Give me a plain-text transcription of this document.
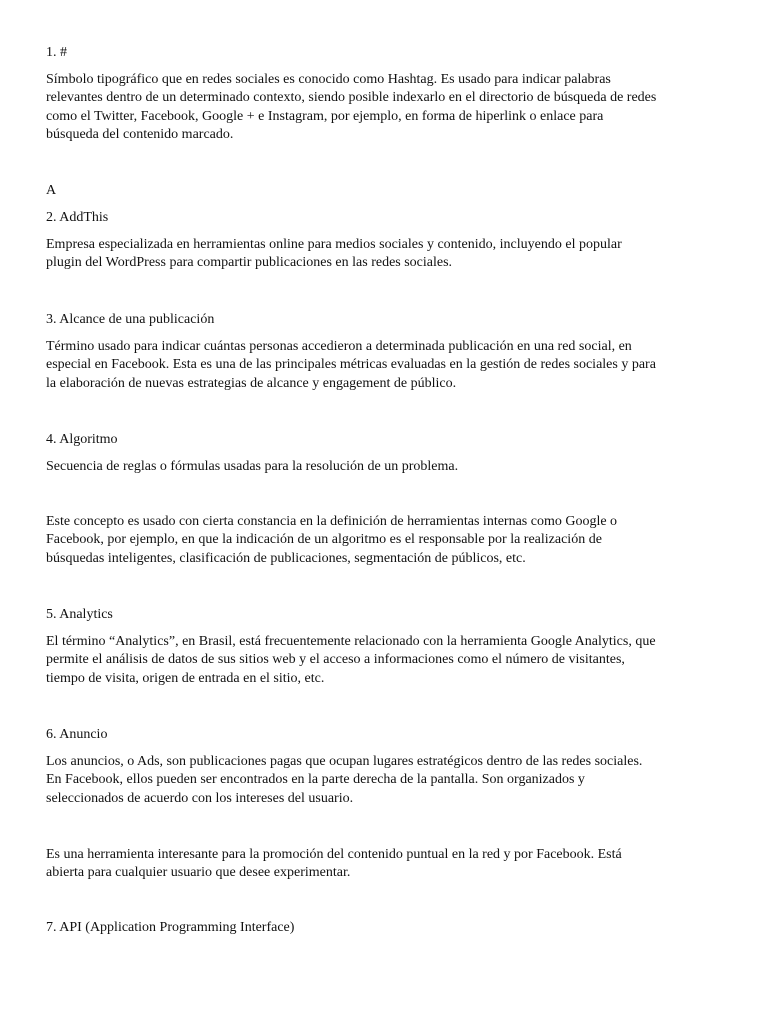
1. #

Símbolo tipográfico que en redes sociales es conocido como Hashtag. Es usado para indicar palabras
relevantes dentro de un determinado contexto, siendo posible indexarlo en el directorio de búsqueda de redes
como el Twitter, Facebook, Google + e Instagram, por ejemplo, en forma de hiperlink o enlace para
búsqueda del contenido marcado.

A

2. AddThis

Empresa especializada en herramientas online para medios sociales y contenido, incluyendo el popular
plugin del WordPress para compartir publicaciones en las redes sociales.

3. Alcance de una publicación

Término usado para indicar cuántas personas accedieron a determinada publicación en una red social, en
especial en Facebook. Esta es una de las principales métricas evaluadas en la gestión de redes sociales y para
la elaboración de nuevas estrategias de alcance y engagement de público.

4. Algoritmo

Secuencia de reglas o fórmulas usadas para la resolución de un problema.

Este concepto es usado con cierta constancia en la definición de herramientas internas como Google o
Facebook, por ejemplo, en que la indicación de un algoritmo es el responsable por la realización de
búsquedas inteligentes, clasificación de publicaciones, segmentación de públicos, etc.

5. Analytics

El término “Analytics”, en Brasil, está frecuentemente relacionado con la herramienta Google Analytics, que
permite el análisis de datos de sus sitios web y el acceso a informaciones como el número de visitantes,
tiempo de visita, origen de entrada en el sitio, etc.

6. Anuncio

Los anuncios, o Ads, son publicaciones pagas que ocupan lugares estratégicos dentro de las redes sociales.
En Facebook, ellos pueden ser encontrados en la parte derecha de la pantalla. Son organizados y
seleccionados de acuerdo con los intereses del usuario.

Es una herramienta interesante para la promoción del contenido puntual en la red y por Facebook. Está
abierta para cualquier usuario que desee experimentar.

7. API (Application Programming Interface)
